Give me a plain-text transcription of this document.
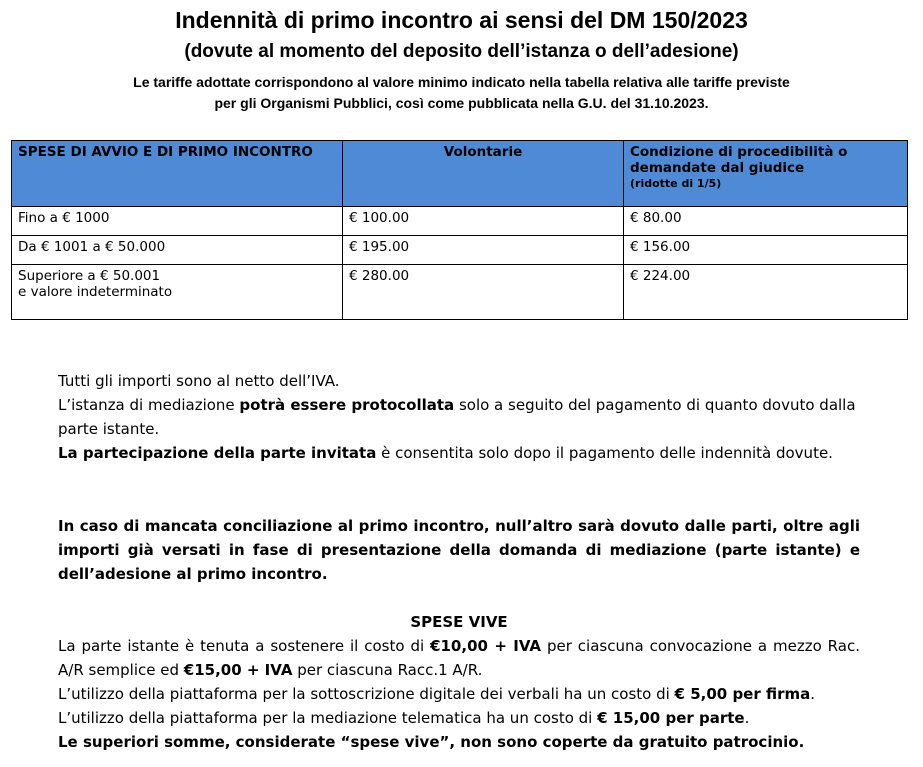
Indennità di primo incontro ai sensi del DM 150/2023
(dovute al momento del deposito dell’istanza o dell’adesione)
Le tariffe adottate corrispondono al valore minimo indicato nella tabella relativa alle tariffe previste
per gli Organismi Pubblici, così come pubblicata nella G.U. del 31.10.2023.
SPESE DI AVVIO E DI PRIMO INCONTRO	Volontarie	Condizione di procedibilità o
demandate dal giudice
(ridotte di 1/5)

Fino a € 1000	€ 100.00	€ 80.00
Da € 1001 a € 50.000	€ 195.00	€ 156.00
Superiore a € 50.001
e valore indeterminato	€ 280.00	€ 224.00

Tutti gli importi sono al netto dell’IVA.

L’istanza di mediazione potrà essere protocollata solo a seguito del pagamento di quanto dovuto dalla parte istante.

La partecipazione della parte invitata è consentita solo dopo il pagamento delle indennità dovute.

In caso di mancata conciliazione al primo incontro, null’altro sarà dovuto dalle parti, oltre agli importi già versati in fase di presentazione della domanda di mediazione (parte istante) e dell’adesione al primo incontro.

SPESE VIVE

La parte istante è tenuta a sostenere il costo di €10,00 + IVA per ciascuna convocazione a mezzo Rac. A/R semplice ed €15,00 + IVA per ciascuna Racc.1 A/R.

L’utilizzo della piattaforma per la sottoscrizione digitale dei verbali ha un costo di € 5,00 per firma.

L’utilizzo della piattaforma per la mediazione telematica ha un costo di € 15,00 per parte.

Le superiori somme, considerate “spese vive”, non sono coperte da gratuito patrocinio.
